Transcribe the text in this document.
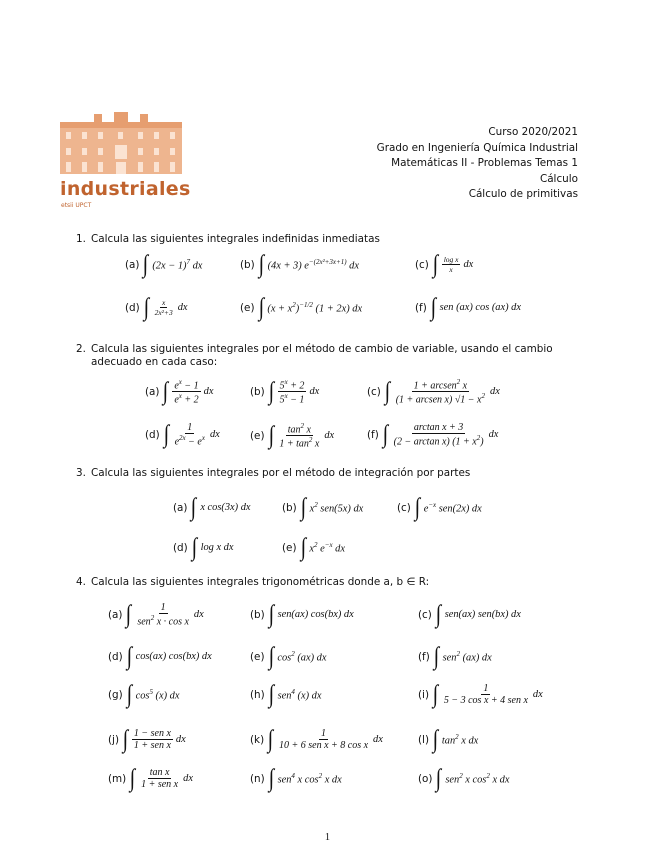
industriales
etsii UPCT
Curso 2020/2021
Grado en Ingeniería Química Industrial
Matemáticas II - Problemas Temas 1
Cálculo
Cálculo de primitivas
1. Calcula las siguientes integrales indefinidas inmediatas
(a) ∫ $(2x - 1)^7$ dx	(b) ∫ (4x + 3) $e^{-(2x^2+3x+1)}$ dx	(c) ∫ $\frac{\text{log x}}{x}$ dx
(d) ∫ $\frac{x}{\text{2x²+3}}$ dx	(e) ∫ $(x + x^2)^{-1/2}$ (1 + 2x) dx	(f) ∫ sen (ax) cos (ax) dx
2. Calcula las siguientes integrales por el método de cambio de variable, usando el cambio adecuado en cada caso:
(a) ∫ $\frac{e^x - 1}{e^x + 2}$ dx	(b) ∫ $\frac{5^x + 2}{5^x - 1}$ dx	(c) ∫ $\frac{1 + arcsen^2 x}{(1 + arcsen x) √1 - x^2}$ dx
(d) ∫ $\frac{1}{e^{2x} - e^x}$ dx	(e) ∫ $\frac{\tan^2 x}{1 + \tan^2 x}$ dx	(f) ∫ $\frac{\text{arctan x + 3}}{(2 - \arctan x) (1 + x^2)}$ dx
3. Calcula las siguientes integrales por el método de integración por partes
(a) ∫ x cos(3x) dx	(b) ∫ $x^2$ sen(5x) dx	(c) ∫ $e^{-x}$ sen(2x) dx
(d) ∫ log x dx	(e) ∫ $x^2$ $e^{-x}$ dx
4. Calcula las siguientes integrales trigonométricas donde a, b ∈ R:
(a) ∫ $\frac{1}{sen^2 x \cdot \cos x}$ dx	(b) ∫ sen(ax) cos(bx) dx	(c) ∫ sen(ax) sen(bx) dx
(d) ∫ cos(ax) cos(bx) dx	(e) ∫ $\cos^2 (ax)$ dx	(f) ∫ sen$^2$ (ax) dx
(g) ∫ $\cos^5 (x)$ dx	(h) ∫ sen$^4$ (x) dx	(i) ∫ $\frac{1}{\text{5 − 3 cos x + 4 sen x}}$ dx
(j) ∫ $\frac{\text{1 − sen x}}{\text{1 + sen x}}$ dx	(k) ∫ $\frac{1}{\text{10 + 6 sen x + 8 cos x}}$ dx	(l) ∫ $\tan^2 x$ dx
(m) ∫ $\frac{\text{tan x}}{\text{1 + sen x}}$ dx	(n) ∫ sen$^4$ x $\cos^2 x$ dx	(o) ∫ sen$^2$ x $\cos^2 x$ dx
1
